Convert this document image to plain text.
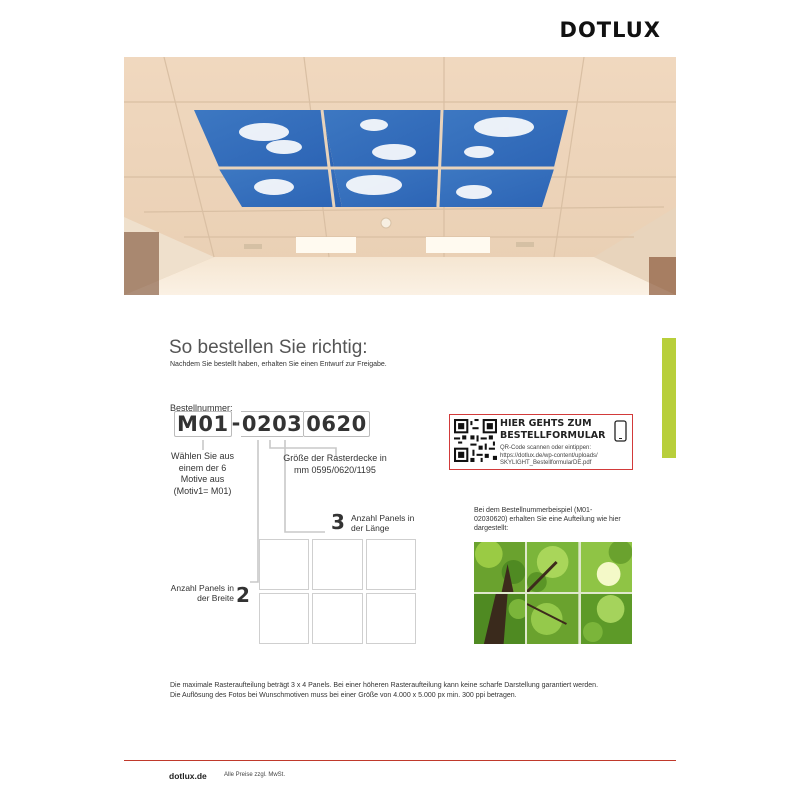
DOTLUX
So bestellen Sie richtig:
Nachdem Sie bestellt haben, erhalten Sie einen Entwurf zur Freigabe.
Bestellnummer:
M01 - 0203 0620
Wählen Sie aus einem der 6 Motive aus (Motiv1= M01)
Größe der Rasterdecke in mm 0595/0620/1195
3 Anzahl Panels in der Länge
Anzahl Panels in der Breite 2
HIER GEHTS ZUM
BESTELLFORMULAR
QR-Code scannen oder eintippen:
https://dotlux.de/wp-content/uploads/
SKYLIGHT_BestellformularDE.pdf
Bei dem Bestellnummerbeispiel (M01-02030620) erhalten Sie eine Aufteilung wie hier dargestellt:
Die maximale Rasteraufteilung beträgt 3 x 4 Panels. Bei einer höheren Rasteraufteilung kann keine scharfe Darstellung garantiert werden.
Die Auflösung des Fotos bei Wunschmotiven muss bei einer Größe von 4.000 x 5.000 px min. 300 ppi betragen.
dotlux.de	Alle Preise zzgl. MwSt.
